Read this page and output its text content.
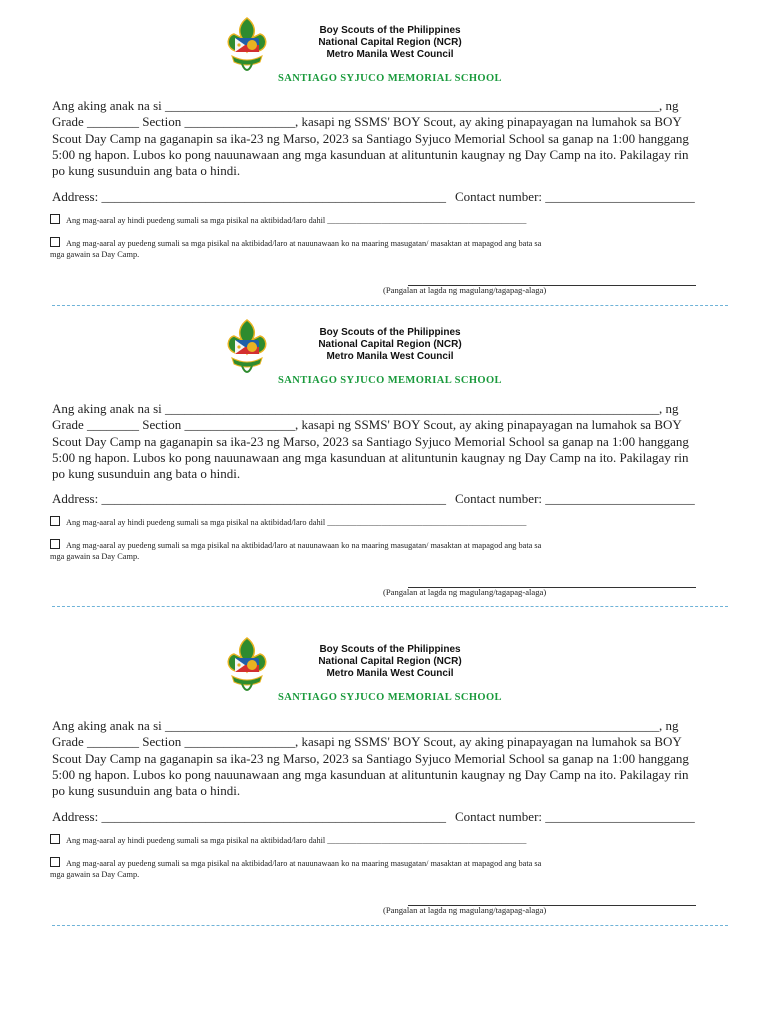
Boy Scouts of the Philippines
National Capital Region (NCR)
Metro Manila West Council
SANTIAGO SYJUCO MEMORIAL SCHOOL
Ang aking anak na si ____________________________________________________________________________, ng
Grade ________ Section _________________, kasapi ng SSMS' BOY Scout, ay aking pinapayagan na lumahok sa BOY
Scout Day Camp na gaganapin sa ika-23 ng Marso, 2023 sa Santiago Syjuco Memorial School sa ganap na 1:00 hanggang
5:00 ng hapon. Lubos ko pong nauunawaan ang mga kasunduan at alituntunin kaugnay ng Day Camp na ito. Pakilagay rin
po kung susunduin ang bata o hindi.
Address: _____________________________________________________ Contact number: _______________________
Ang mag-aaral ay hindi puedeng sumali sa mga pisikal na aktibidad/laro dahil ________________________________________________
Ang mag-aaral ay puedeng sumali sa mga pisikal na aktibidad/laro at nauunawaan ko na maaring masugatan/ masaktan at mapagod ang bata sa
mga gawain sa Day Camp.
(Pangalan at lagda ng magulang/tagapag-alaga)
Boy Scouts of the Philippines
National Capital Region (NCR)
Metro Manila West Council
SANTIAGO SYJUCO MEMORIAL SCHOOL
Ang aking anak na si ____________________________________________________________________________, ng
Grade ________ Section _________________, kasapi ng SSMS' BOY Scout, ay aking pinapayagan na lumahok sa BOY
Scout Day Camp na gaganapin sa ika-23 ng Marso, 2023 sa Santiago Syjuco Memorial School sa ganap na 1:00 hanggang
5:00 ng hapon. Lubos ko pong nauunawaan ang mga kasunduan at alituntunin kaugnay ng Day Camp na ito. Pakilagay rin
po kung susunduin ang bata o hindi.
Address: _____________________________________________________ Contact number: _______________________
Ang mag-aaral ay hindi puedeng sumali sa mga pisikal na aktibidad/laro dahil ________________________________________________
Ang mag-aaral ay puedeng sumali sa mga pisikal na aktibidad/laro at nauunawaan ko na maaring masugatan/ masaktan at mapagod ang bata sa
mga gawain sa Day Camp.
(Pangalan at lagda ng magulang/tagapag-alaga)
Boy Scouts of the Philippines
National Capital Region (NCR)
Metro Manila West Council
SANTIAGO SYJUCO MEMORIAL SCHOOL
Ang aking anak na si ____________________________________________________________________________, ng
Grade ________ Section _________________, kasapi ng SSMS' BOY Scout, ay aking pinapayagan na lumahok sa BOY
Scout Day Camp na gaganapin sa ika-23 ng Marso, 2023 sa Santiago Syjuco Memorial School sa ganap na 1:00 hanggang
5:00 ng hapon. Lubos ko pong nauunawaan ang mga kasunduan at alituntunin kaugnay ng Day Camp na ito. Pakilagay rin
po kung susunduin ang bata o hindi.
Address: _____________________________________________________ Contact number: _______________________
Ang mag-aaral ay hindi puedeng sumali sa mga pisikal na aktibidad/laro dahil ________________________________________________
Ang mag-aaral ay puedeng sumali sa mga pisikal na aktibidad/laro at nauunawaan ko na maaring masugatan/ masaktan at mapagod ang bata sa
mga gawain sa Day Camp.
(Pangalan at lagda ng magulang/tagapag-alaga)
